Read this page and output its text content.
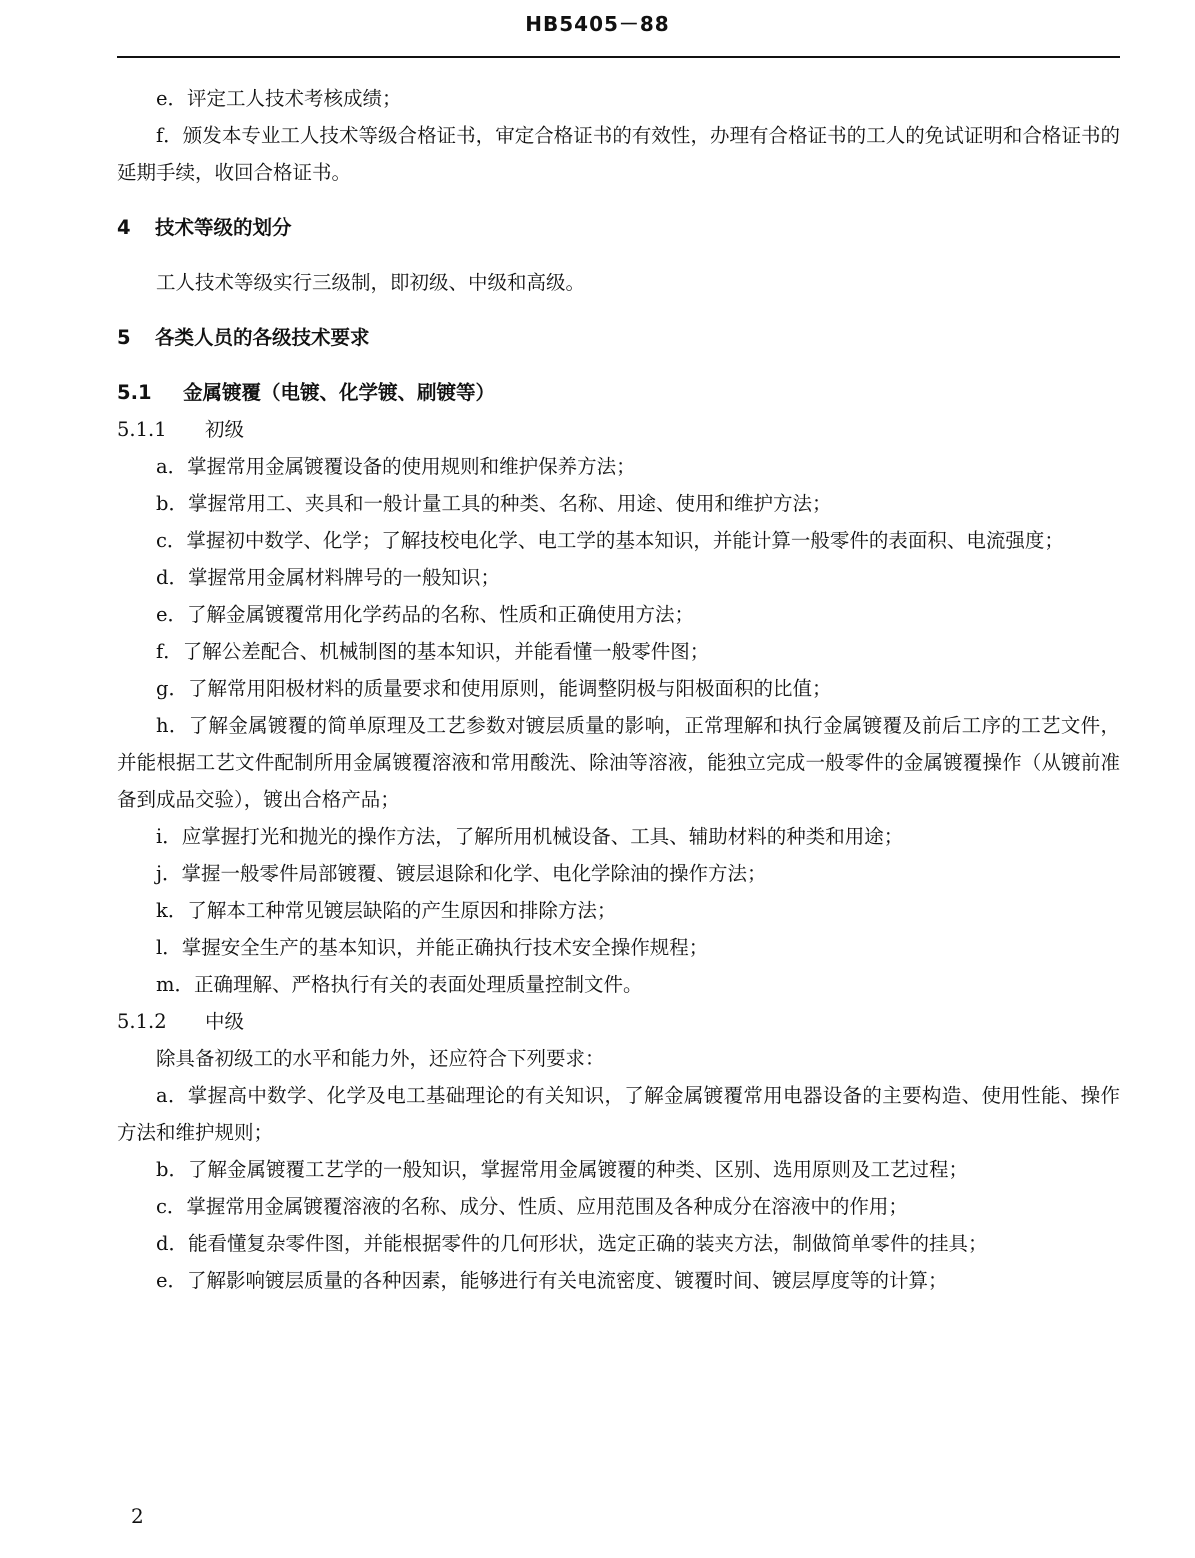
HB5405－88

e．评定工人技术考核成绩；

f．颁发本专业工人技术等级合格证书，审定合格证书的有效性，办理有合格证书的工人的免试证明和合格证书的延期手续，收回合格证书。

4 技术等级的划分

工人技术等级实行三级制，即初级、中级和高级。

5 各类人员的各级技术要求

5.1 金属镀覆（电镀、化学镀、刷镀等）

5.1.1 初级

a．掌握常用金属镀覆设备的使用规则和维护保养方法；

b．掌握常用工、夹具和一般计量工具的种类、名称、用途、使用和维护方法；

c．掌握初中数学、化学；了解技校电化学、电工学的基本知识，并能计算一般零件的表面积、电流强度；

d．掌握常用金属材料牌号的一般知识；

e．了解金属镀覆常用化学药品的名称、性质和正确使用方法；

f．了解公差配合、机械制图的基本知识，并能看懂一般零件图；

g．了解常用阳极材料的质量要求和使用原则，能调整阴极与阳极面积的比值；

h．了解金属镀覆的简单原理及工艺参数对镀层质量的影响，正常理解和执行金属镀覆及前后工序的工艺文件，并能根据工艺文件配制所用金属镀覆溶液和常用酸洗、除油等溶液，能独立完成一般零件的金属镀覆操作（从镀前准备到成品交验），镀出合格产品；

i．应掌握打光和抛光的操作方法，了解所用机械设备、工具、辅助材料的种类和用途；

j．掌握一般零件局部镀覆、镀层退除和化学、电化学除油的操作方法；

k．了解本工种常见镀层缺陷的产生原因和排除方法；

l．掌握安全生产的基本知识，并能正确执行技术安全操作规程；

m．正确理解、严格执行有关的表面处理质量控制文件。

5.1.2 中级

除具备初级工的水平和能力外，还应符合下列要求：

a．掌握高中数学、化学及电工基础理论的有关知识，了解金属镀覆常用电器设备的主要构造、使用性能、操作方法和维护规则；

b．了解金属镀覆工艺学的一般知识，掌握常用金属镀覆的种类、区别、选用原则及工艺过程；

c．掌握常用金属镀覆溶液的名称、成分、性质、应用范围及各种成分在溶液中的作用；

d．能看懂复杂零件图，并能根据零件的几何形状，选定正确的装夹方法，制做简单零件的挂具；

e．了解影响镀层质量的各种因素，能够进行有关电流密度、镀覆时间、镀层厚度等的计算；

2
